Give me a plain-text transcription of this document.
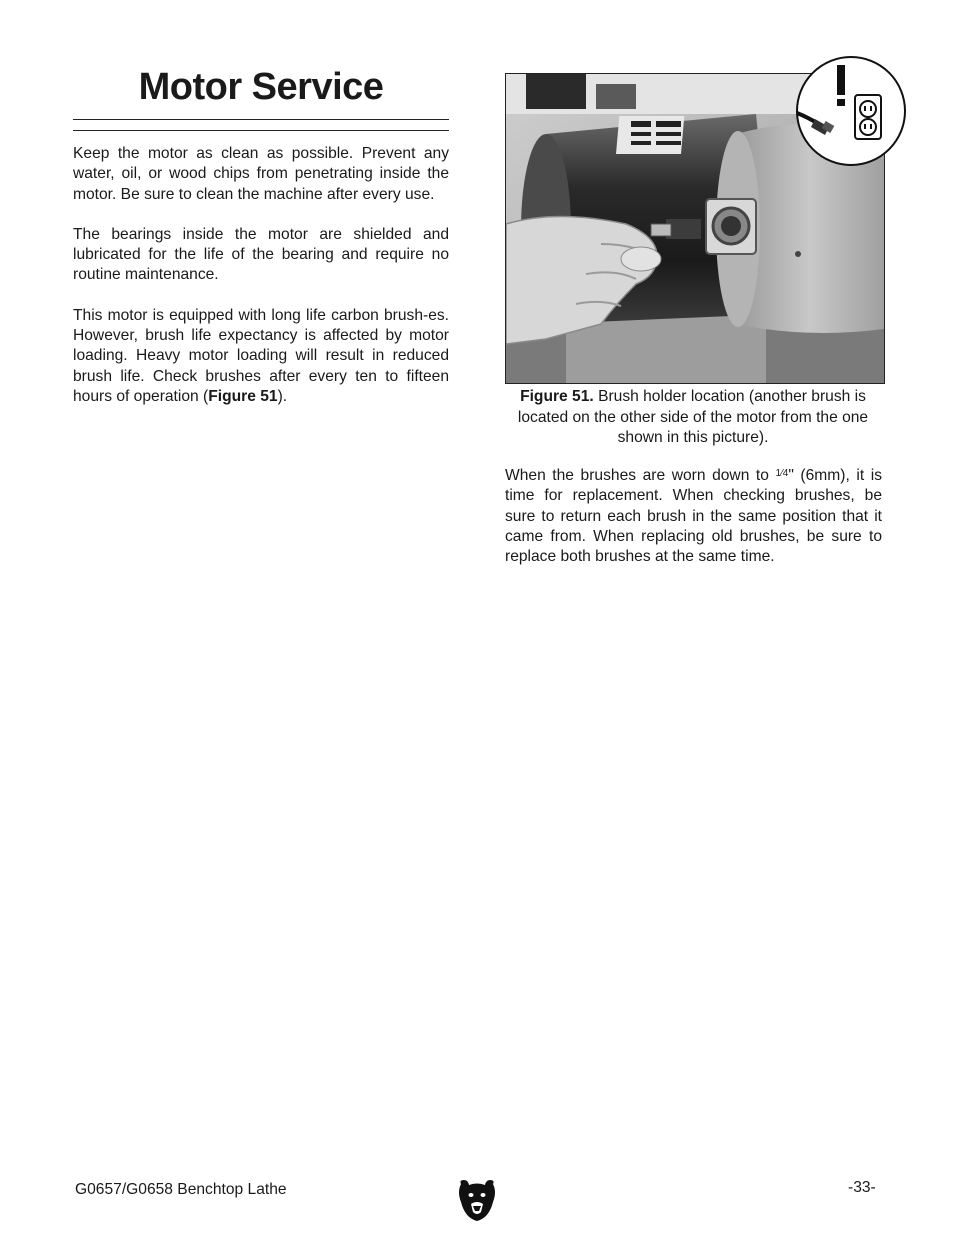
Motor Service

Keep the motor as clean as possible. Prevent any water, oil, or wood chips from penetrating inside the motor. Be sure to clean the machine after every use.

The bearings inside the motor are shielded and lubricated for the life of the bearing and require no routine maintenance.

This motor is equipped with long life carbon brush-es. However, brush life expectancy is affected by motor loading. Heavy motor loading will result in reduced brush life. Check brushes after every ten to fifteen hours of operation (Figure 51).	Figure 51. Brush holder location (another brush is located on the other side of the motor from the one shown in this picture).

When the brushes are worn down to $^{1⁄4}$" (6mm), it is time for replacement. When checking brushes, be sure to return each brush in the same position that it came from. When replacing old brushes, be sure to replace both brushes at the same time.

G0657/G0658 Benchtop Lathe	-33-
